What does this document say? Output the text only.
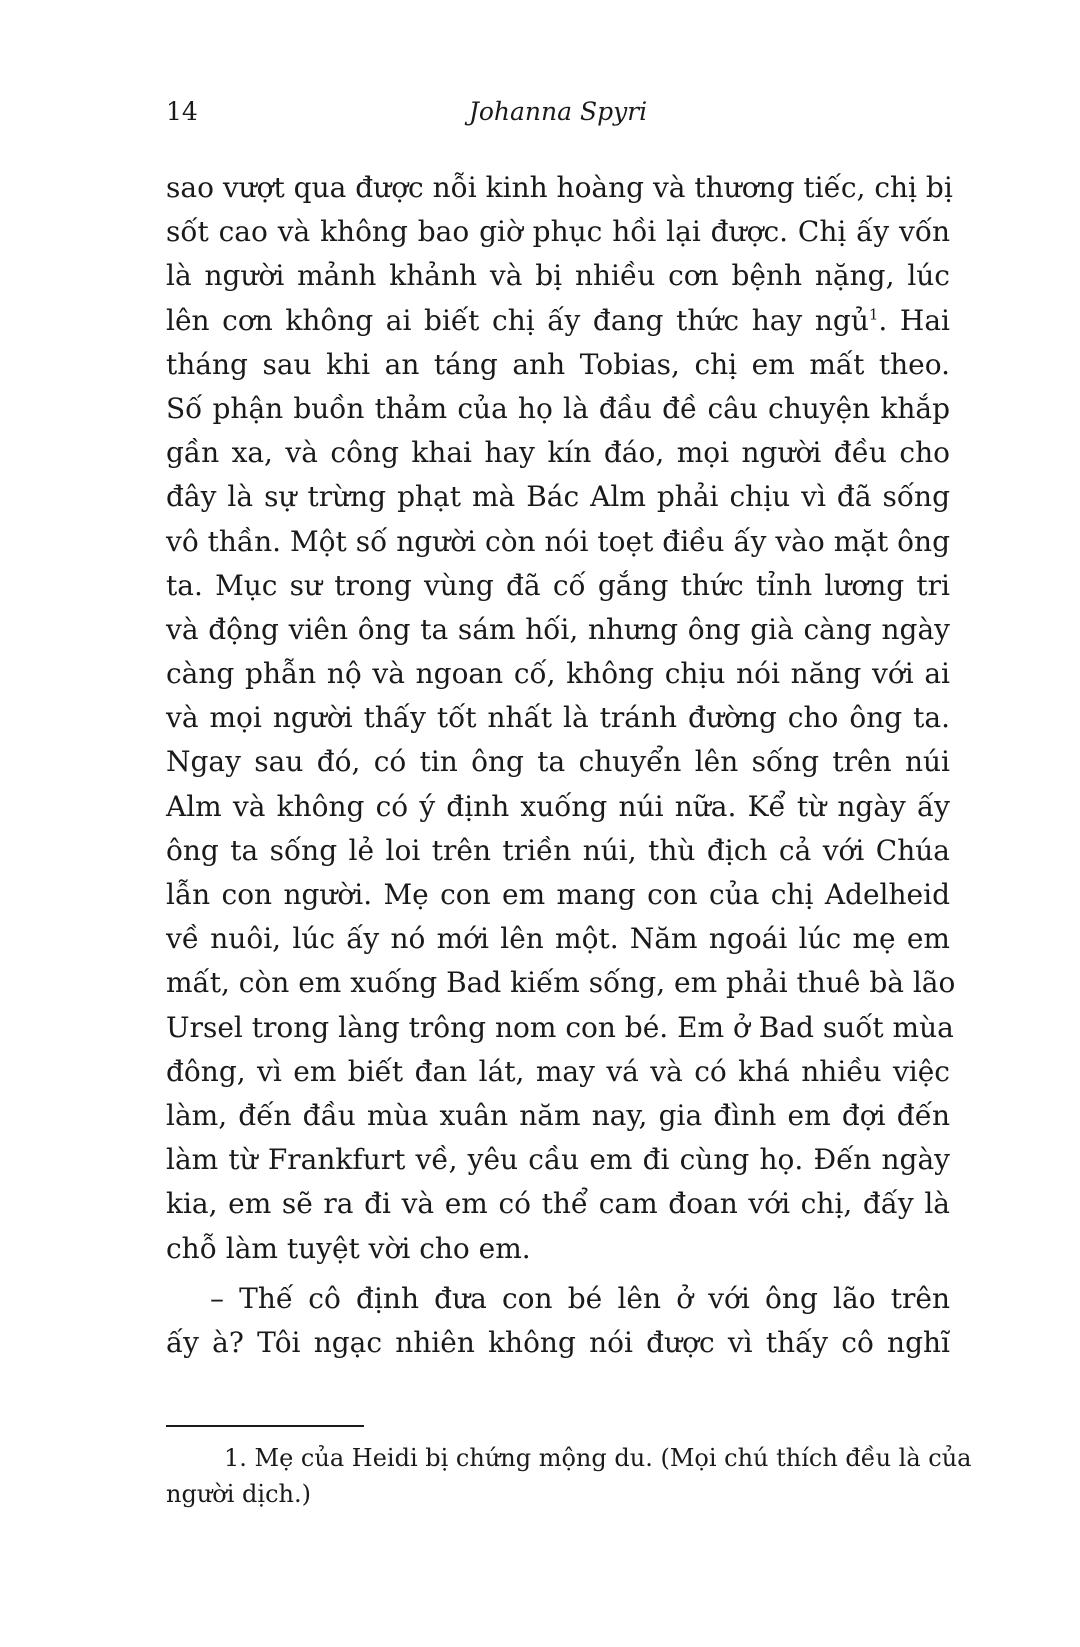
14	Johanna Spyri
sao vượt qua được nỗi kinh hoàng và thương tiếc, chị bị
sốt cao và không bao giờ phục hồi lại được. Chị ấy vốn
là người mảnh khảnh và bị nhiều cơn bệnh nặng, lúc
lên cơn không ai biết chị ấy đang thức hay ngủ$^1$. Hai
tháng sau khi an táng anh Tobias, chị em mất theo.
Số phận buồn thảm của họ là đầu đề câu chuyện khắp
gần xa, và công khai hay kín đáo, mọi người đều cho
đây là sự trừng phạt mà Bác Alm phải chịu vì đã sống
vô thần. Một số người còn nói toẹt điều ấy vào mặt ông
ta. Mục sư trong vùng đã cố gắng thức tỉnh lương tri
và động viên ông ta sám hối, nhưng ông già càng ngày
càng phẫn nộ và ngoan cố, không chịu nói năng với ai
và mọi người thấy tốt nhất là tránh đường cho ông ta.
Ngay sau đó, có tin ông ta chuyển lên sống trên núi
Alm và không có ý định xuống núi nữa. Kể từ ngày ấy
ông ta sống lẻ loi trên triền núi, thù địch cả với Chúa
lẫn con người. Mẹ con em mang con của chị Adelheid
về nuôi, lúc ấy nó mới lên một. Năm ngoái lúc mẹ em
mất, còn em xuống Bad kiếm sống, em phải thuê bà lão
Ursel trong làng trông nom con bé. Em ở Bad suốt mùa
đông, vì em biết đan lát, may vá và có khá nhiều việc
làm, đến đầu mùa xuân năm nay, gia đình em đợi đến
làm từ Frankfurt về, yêu cầu em đi cùng họ. Đến ngày
kia, em sẽ ra đi và em có thể cam đoan với chị, đấy là
chỗ làm tuyệt vời cho em.
– Thế cô định đưa con bé lên ở với ông lão trên
ấy à? Tôi ngạc nhiên không nói được vì thấy cô nghĩ
1. Mẹ của Heidi bị chứng mộng du. (Mọi chú thích đều là của
người dịch.)
